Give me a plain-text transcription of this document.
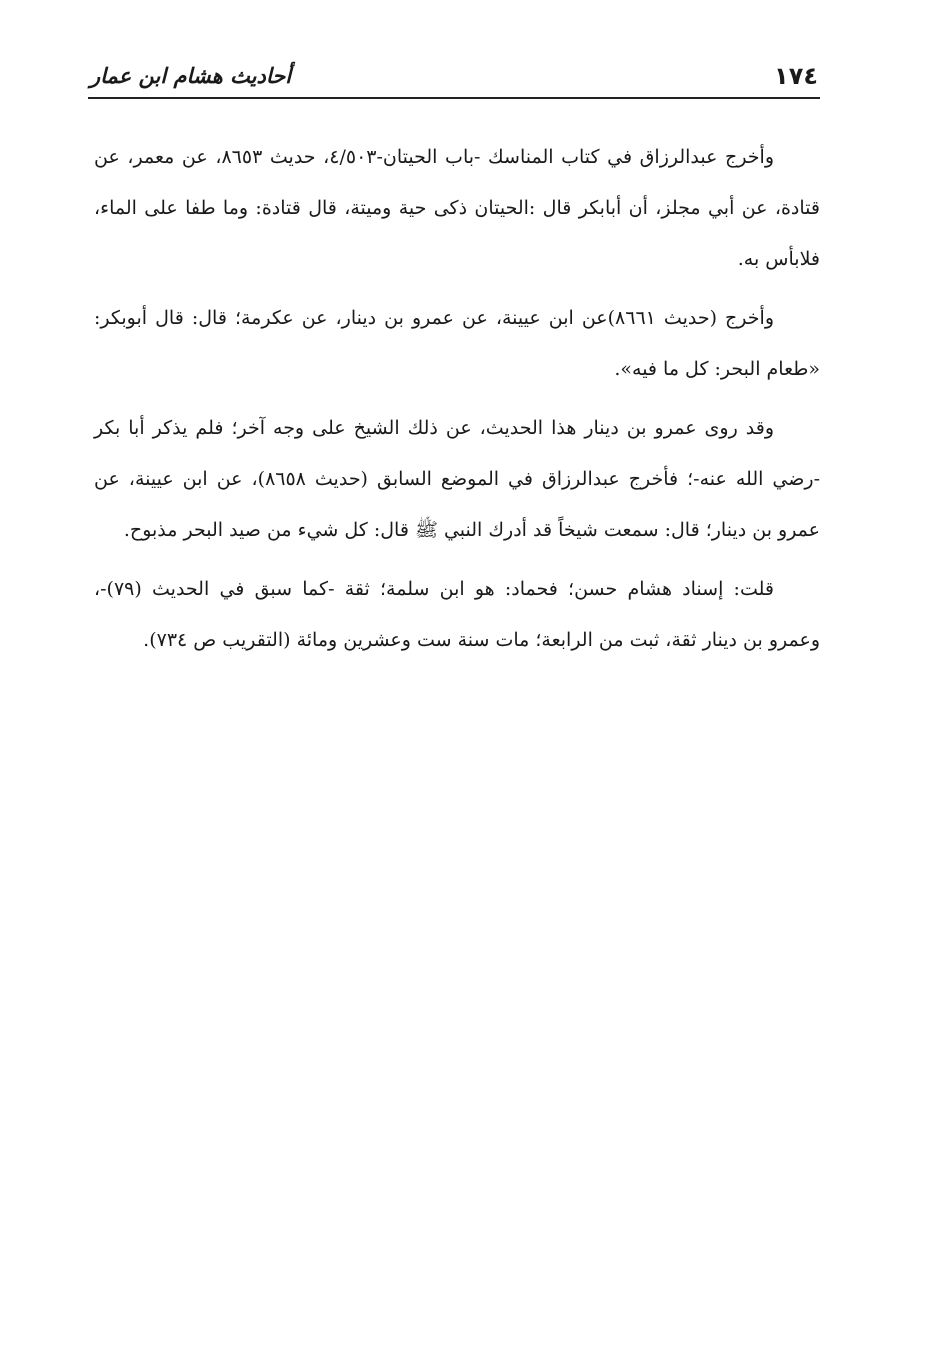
١٧٤
أحاديث هشام ابن عمار

وأخرج عبدالرزاق في كتاب المناسك -باب الحيتان-٤/٥٠٣، حديث ٨٦٥٣، عن معمر، عن قتادة، عن أبي مجلز، أن أبابكر قال :الحيتان ذكى حية وميتة، قال قتادة: وما طفا على الماء، فلابأس به.

وأخرج (حديث ٨٦٦١)عن ابن عيينة، عن عمرو بن دينار، عن عكرمة؛ قال: قال أبوبكر: «طعام البحر: كل ما فيه».

وقد روى عمرو بن دينار هذا الحديث، عن ذلك الشيخ على وجه آخر؛ فلم يذكر أبا بكر -رضي الله عنه-؛ فأخرج عبدالرزاق في الموضع السابق (حديث ٨٦٥٨)، عن ابن عيينة، عن عمرو بن دينار؛ قال: سمعت شيخاً قد أدرك النبي ﷺ قال: كل شيء من صيد البحر مذبوح.

قلت: إسناد هشام حسن؛ فحماد: هو ابن سلمة؛ ثقة -كما سبق في الحديث (٧٩)-، وعمرو بن دينار ثقة، ثبت من الرابعة؛ مات سنة ست وعشرين ومائة (التقريب ص ٧٣٤).
